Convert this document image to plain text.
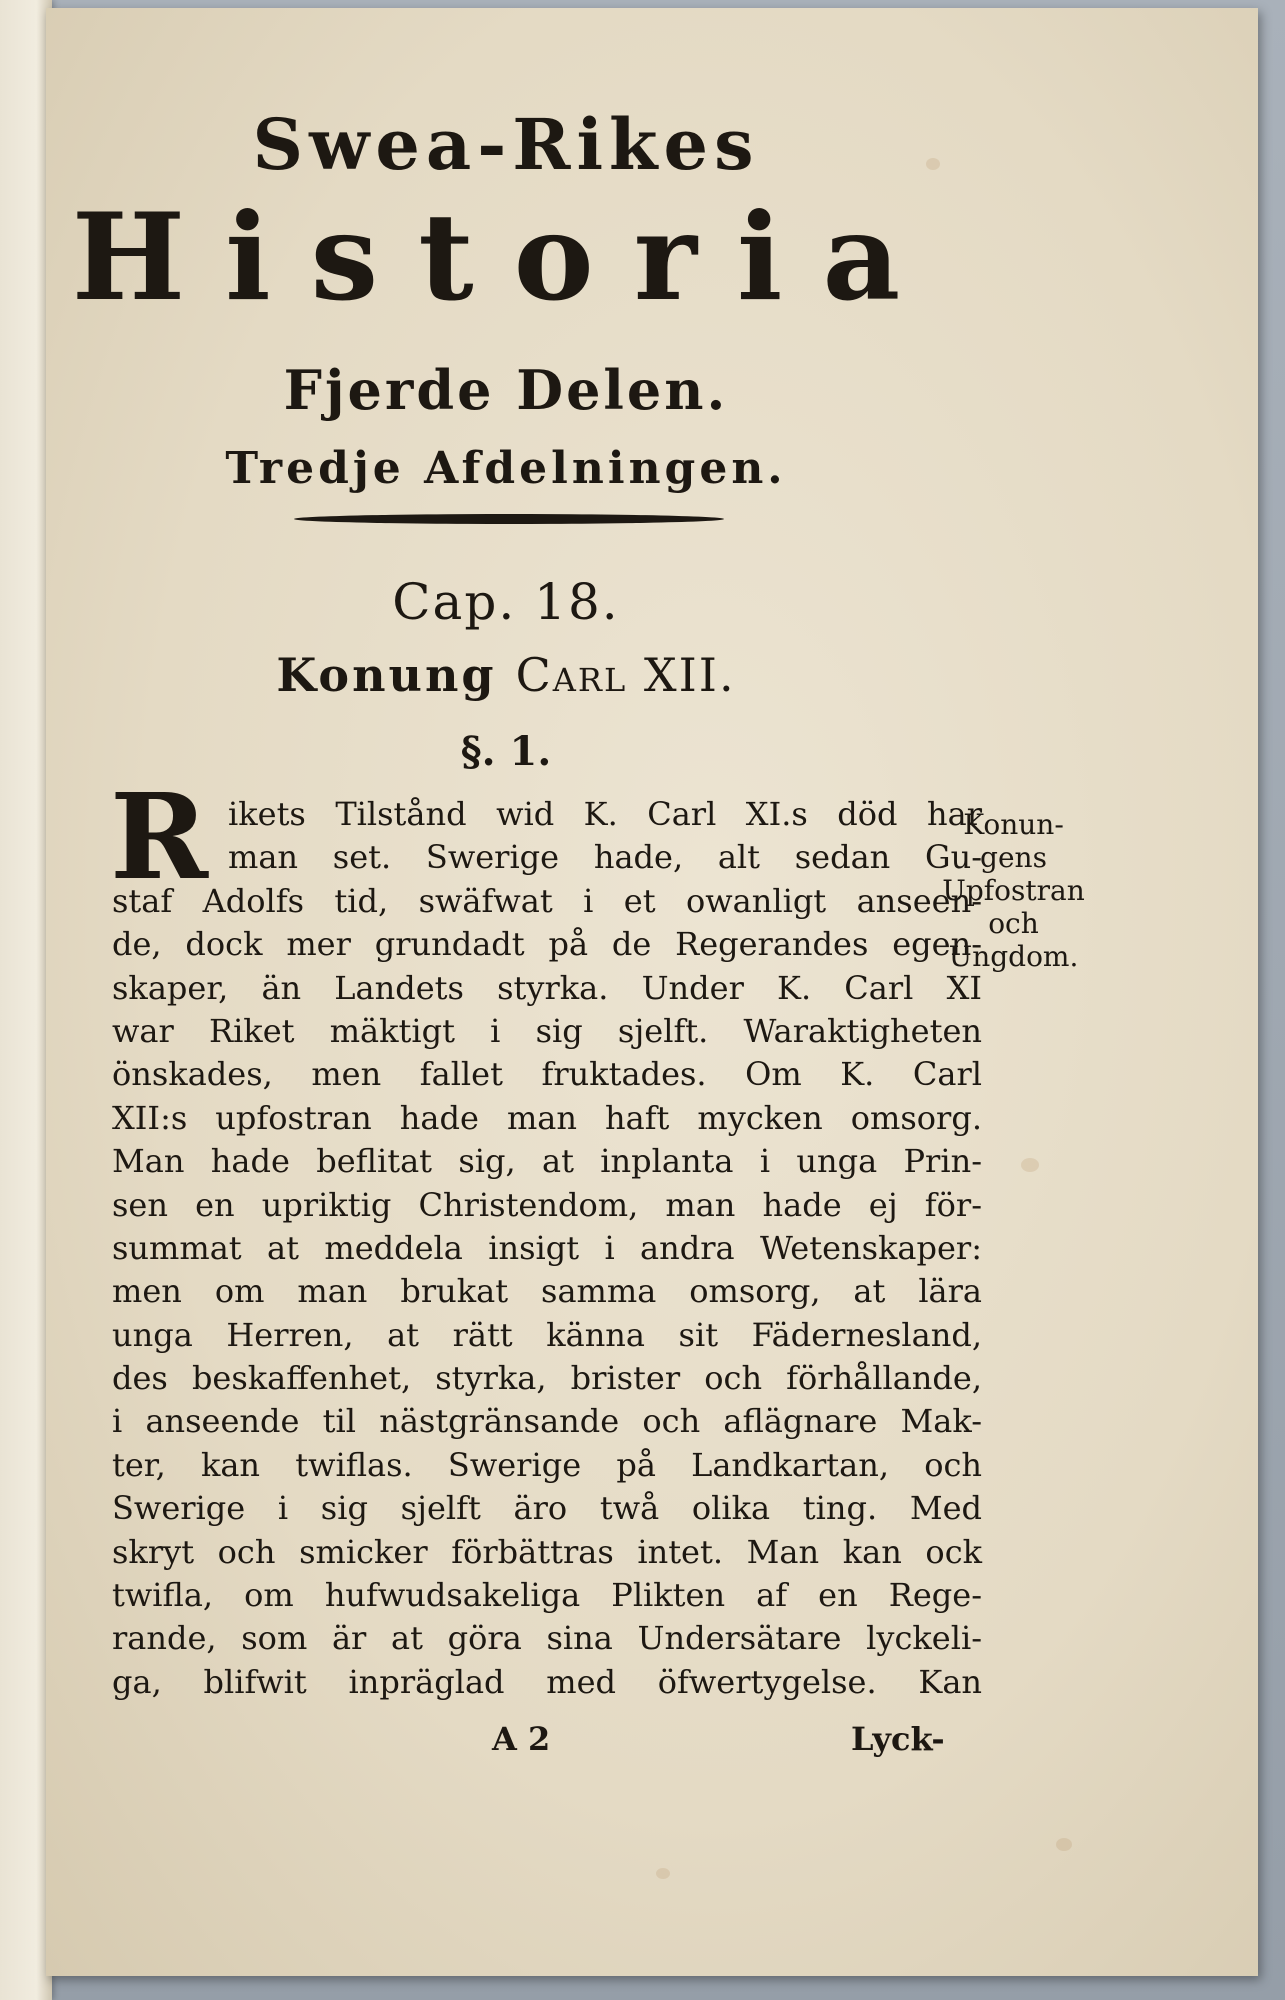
Swea-Rikes
Historia
Fjerde Delen.
Tredje Afdelningen.
Cap. 18.
Konung Carl XII.
§. 1.
R ikets Tilstånd wid K. Carl XI.s död har
man set. Swerige hade, alt sedan Gu-
staf Adolfs tid, swäfwat i et owanligt anseen-
de, dock mer grundadt på de Regerandes egen-
skaper, än Landets styrka. Under K. Carl XI
war Riket mäktigt i sig sjelft. Waraktigheten
önskades, men fallet fruktades. Om K. Carl
XII:s upfostran hade man haft mycken omsorg.
Man hade beflitat sig, at inplanta i unga Prin-
sen en upriktig Christendom, man hade ej för-
summat at meddela insigt i andra Wetenskaper:
men om man brukat samma omsorg, at lära
unga Herren, at rätt känna sit Fädernesland,
des beskaffenhet, styrka, brister och förhållande,
i anseende til nästgränsande och aflägnare Mak-
ter, kan twiflas. Swerige på Landkartan, och
Swerige i sig sjelft äro twå olika ting. Med
skryt och smicker förbättras intet. Man kan ock
twifla, om hufwudsakeliga Plikten af en Rege-
rande, som är at göra sina Undersätare lyckeli-
ga, blifwit inpräglad med öfwertygelse. Kan
Konun-
gens
Upfostran
och
Ungdom.
A 2	Lyck-
